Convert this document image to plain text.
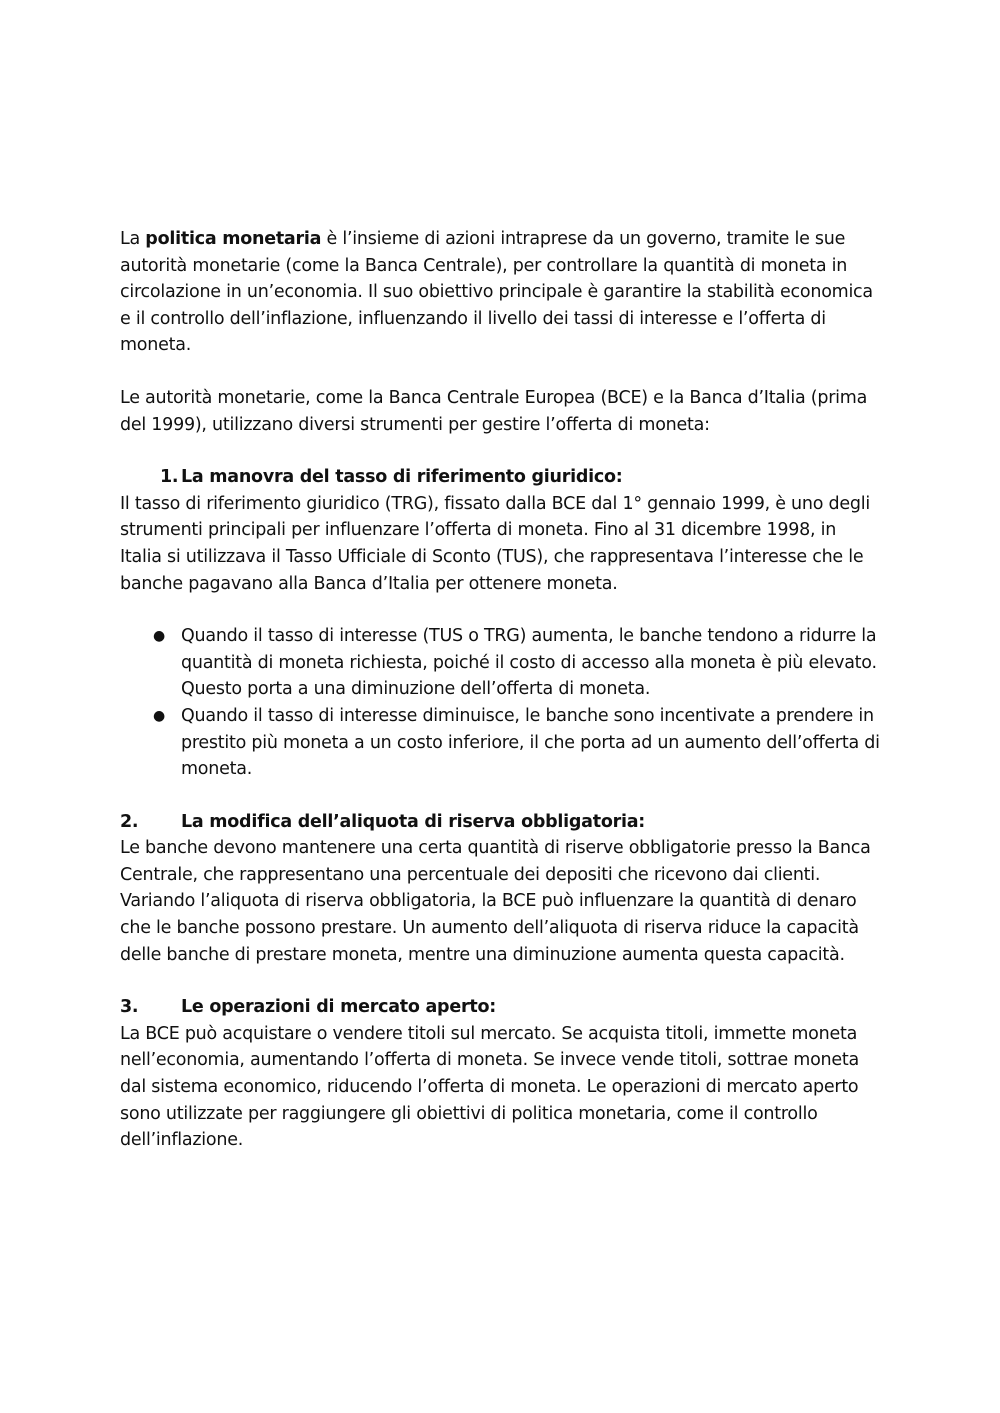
La politica monetaria è l’insieme di azioni intraprese da un governo, tramite le sue autorità monetarie (come la Banca Centrale), per controllare la quantità di moneta in circolazione in un’economia. Il suo obiettivo principale è garantire la stabilità economica e il controllo dell’inflazione, influenzando il livello dei tassi di interesse e l’offerta di moneta.

Le autorità monetarie, come la Banca Centrale Europea (BCE) e la Banca d’Italia (prima del 1999), utilizzano diversi strumenti per gestire l’offerta di moneta:

1. La manovra del tasso di riferimento giuridico:

Il tasso di riferimento giuridico (TRG), fissato dalla BCE dal 1° gennaio 1999, è uno degli strumenti principali per influenzare l’offerta di moneta. Fino al 31 dicembre 1998, in Italia si utilizzava il Tasso Ufficiale di Sconto (TUS), che rappresentava l’interesse che le banche pagavano alla Banca d’Italia per ottenere moneta.

● Quando il tasso di interesse (TUS o TRG) aumenta, le banche tendono a ridurre la quantità di moneta richiesta, poiché il costo di accesso alla moneta è più elevato. Questo porta a una diminuzione dell’offerta di moneta.
● Quando il tasso di interesse diminuisce, le banche sono incentivate a prendere in prestito più moneta a un costo inferiore, il che porta ad un aumento dell’offerta di moneta.
2.	La modifica dell’aliquota di riserva obbligatoria:

Le banche devono mantenere una certa quantità di riserve obbligatorie presso la Banca Centrale, che rappresentano una percentuale dei depositi che ricevono dai clienti. Variando l’aliquota di riserva obbligatoria, la BCE può influenzare la quantità di denaro che le banche possono prestare. Un aumento dell’aliquota di riserva riduce la capacità delle banche di prestare moneta, mentre una diminuzione aumenta questa capacità.

3.	Le operazioni di mercato aperto:

La BCE può acquistare o vendere titoli sul mercato. Se acquista titoli, immette moneta nell’economia, aumentando l’offerta di moneta. Se invece vende titoli, sottrae moneta dal sistema economico, riducendo l’offerta di moneta. Le operazioni di mercato aperto sono utilizzate per raggiungere gli obiettivi di politica monetaria, come il controllo dell’inflazione.
